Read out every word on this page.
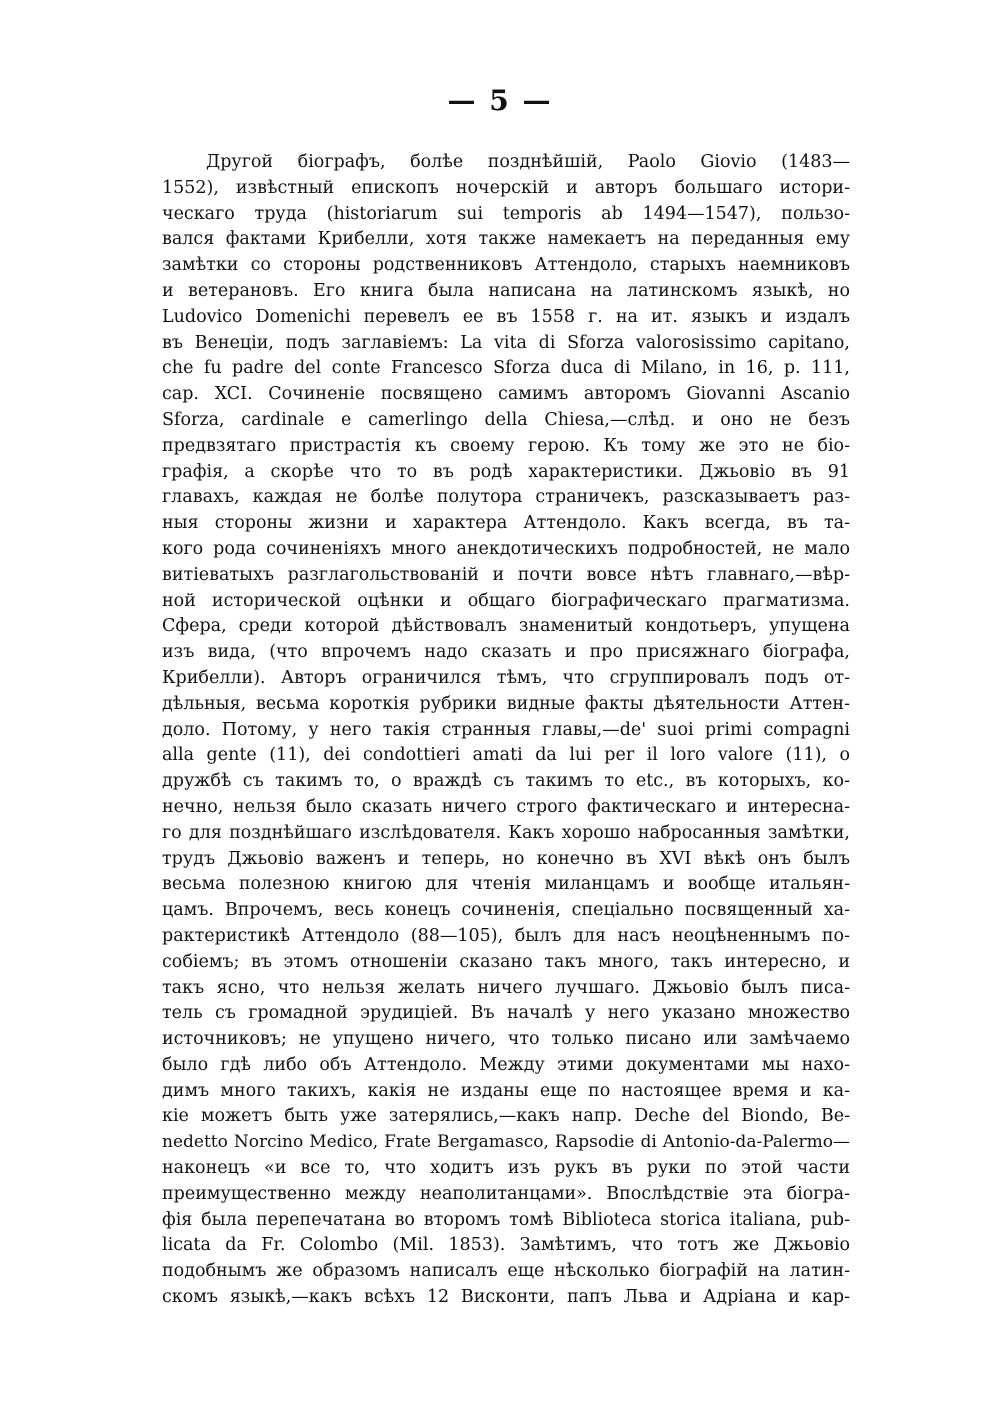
— 5 —
Другой біографъ, болѣе позднѣйшій, Paolo Giovio (1483—
1552), извѣстный епископъ ночерскій и авторъ большаго истори-
ческаго труда (historiarum sui temporis ab 1494—1547), пользо-
вался фактами Крибелли, хотя также намекаетъ на переданныя ему
замѣтки со стороны родственниковъ Аттендоло, старыхъ наемниковъ
и ветерановъ. Его книга была написана на латинскомъ языкѣ, но
Ludovico Domenichi перевелъ ее въ 1558 г. на ит. языкъ и издалъ
въ Венеціи, подъ заглавіемъ: La vita di Sforza valorosissimo capitano,
che fu padre del conte Francesco Sforza duca di Milano, in 16, p. 111,
cap. XCI. Сочиненіе посвящено самимъ авторомъ Giovanni Ascanio
Sforza, cardinale e camerlingo della Chiesa,—слѣд. и оно не безъ
предвзятаго пристрастія къ своему герою. Къ тому же это не біо-
графія, а скорѣе что то въ родѣ характеристики. Джьовіо въ 91
главахъ, каждая не болѣе полутора страничекъ, разсказываетъ раз-
ныя стороны жизни и характера Аттендоло. Какъ всегда, въ та-
кого рода сочиненіяхъ много анекдотическихъ подробностей, не мало
витіеватыхъ разглагольствованій и почти вовсе нѣтъ главнаго,—вѣр-
ной исторической оцѣнки и общаго біографическаго прагматизма.
Сфера, среди которой дѣйствовалъ знаменитый кондотьеръ, упущена
изъ вида, (что впрочемъ надо сказать и про присяжнаго біографа,
Крибелли). Авторъ ограничился тѣмъ, что сгруппировалъ подъ от-
дѣльныя, весьма короткія рубрики видные факты дѣятельности Аттен-
доло. Потому, у него такія странныя главы,—de' suoi primi compagni
alla gente (11), dei condottieri amati da lui per il loro valore (11), o
дружбѣ съ такимъ то, о враждѣ съ такимъ то etc., въ которыхъ, ко-
нечно, нельзя было сказать ничего строго фактическаго и интересна-
го для позднѣйшаго изслѣдователя. Какъ хорошо набросанныя замѣтки,
трудъ Джьовіо важенъ и теперь, но конечно въ XVI вѣкѣ онъ былъ
весьма полезною книгою для чтенія миланцамъ и вообще итальян-
цамъ. Впрочемъ, весь конецъ сочиненія, спеціально посвященный ха-
рактеристикѣ Аттендоло (88—105), былъ для насъ неоцѣненнымъ по-
собіемъ; въ этомъ отношеніи сказано такъ много, такъ интересно, и
такъ ясно, что нельзя желать ничего лучшаго. Джьовіо былъ писа-
тель съ громадной эрудиціей. Въ началѣ у него указано множество
источниковъ; не упущено ничего, что только писано или замѣчаемо
было гдѣ либо объ Аттендоло. Между этими документами мы нахо-
димъ много такихъ, какія не изданы еще по настоящее время и ка-
кіе можетъ быть уже затерялись,—какъ напр. Deche del Biondo, Be-
nedetto Norcino Medico, Frate Bergamasco, Rapsodie di Antonio-da-Palermo—
наконецъ «и все то, что ходитъ изъ рукъ въ руки по этой части
преимущественно между неаполитанцами». Впослѣдствіе эта біогра-
фія была перепечатана во второмъ томѣ Biblioteca storica italiana, pub-
licata da Fr. Colombo (Mil. 1853). Замѣтимъ, что тотъ же Джьовіо
подобнымъ же образомъ написалъ еще нѣсколько біографій на латин-
скомъ языкѣ,—какъ всѣхъ 12 Висконти, папъ Льва и Адріана и кар-
